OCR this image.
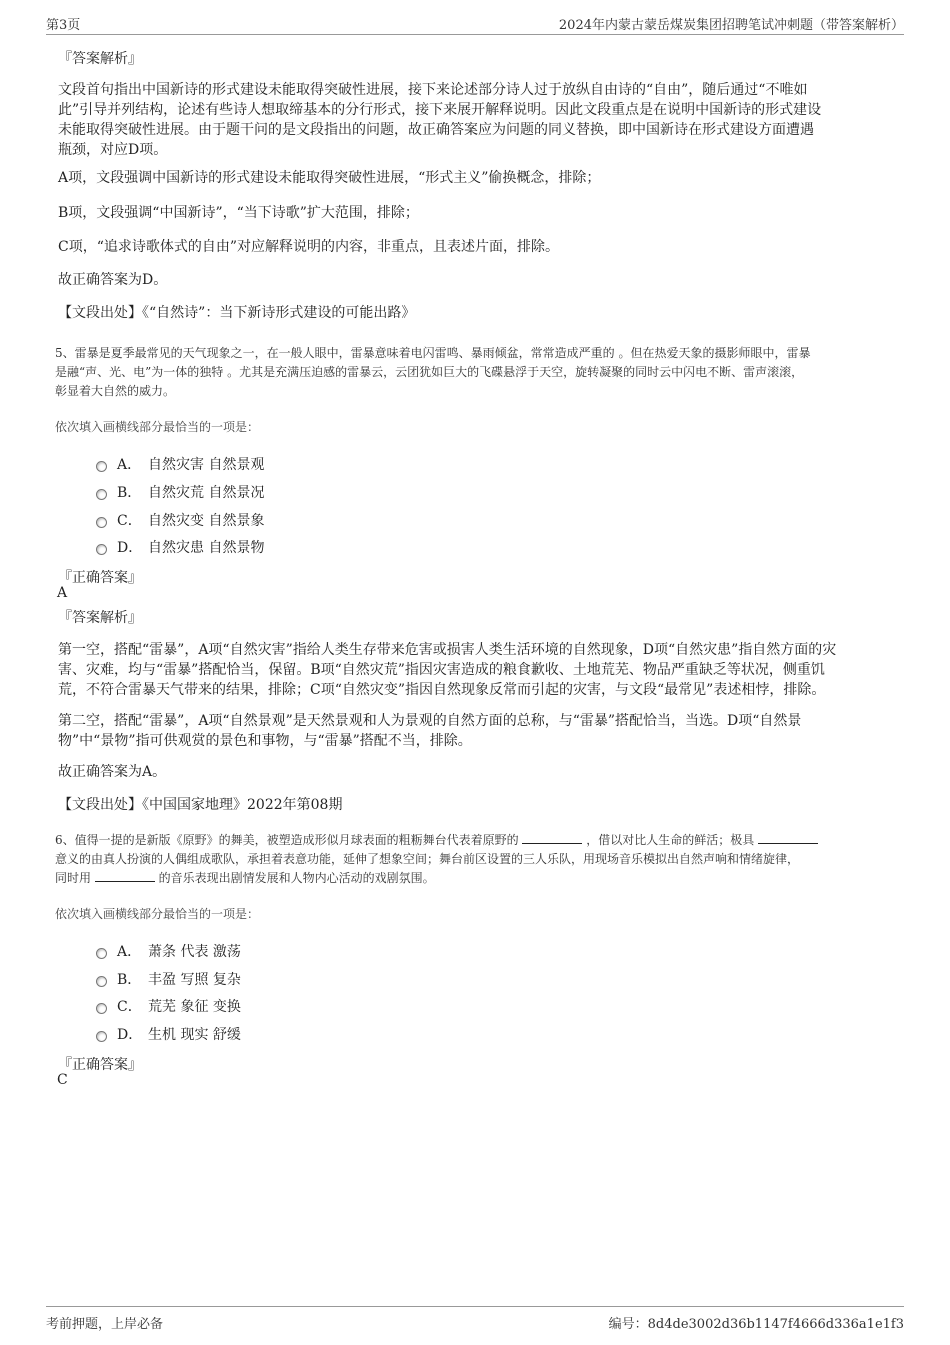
第3页	2024年内蒙古蒙岳煤炭集团招聘笔试冲刺题（带答案解析）
『答案解析』
文段首句指出中国新诗的形式建设未能取得突破性进展，接下来论述部分诗人过于放纵自由诗的“自由”，随后通过“不唯如
此”引导并列结构，论述有些诗人想取缔基本的分行形式，接下来展开解释说明。因此文段重点是在说明中国新诗的形式建设
未能取得突破性进展。由于题干问的是文段指出的问题，故正确答案应为问题的同义替换，即中国新诗在形式建设方面遭遇
瓶颈，对应D项。
A项，文段强调中国新诗的形式建设未能取得突破性进展，“形式主义”偷换概念，排除；
B项，文段强调“中国新诗”，“当下诗歌”扩大范围，排除；
C项，“追求诗歌体式的自由”对应解释说明的内容，非重点，且表述片面，排除。
故正确答案为D。
【文段出处】《“自然诗”：当下新诗形式建设的可能出路》
5、雷暴是夏季最常见的天气现象之一，在一般人眼中，雷暴意味着电闪雷鸣、暴雨倾盆，常常造成严重的 。但在热爱天象的摄影师眼中，雷暴
是融“声、光、电”为一体的独特 。尤其是充满压迫感的雷暴云，云团犹如巨大的飞碟悬浮于天空，旋转凝聚的同时云中闪电不断、雷声滚滚，
彰显着大自然的威力。
依次填入画横线部分最恰当的一项是：
A． 自然灾害 自然景观
B． 自然灾荒 自然景况
C． 自然灾变 自然景象
D． 自然灾患 自然景物
『正确答案』
A
『答案解析』
第一空，搭配“雷暴”，A项“自然灾害”指给人类生存带来危害或损害人类生活环境的自然现象，D项“自然灾患”指自然方面的灾
害、灾难，均与“雷暴”搭配恰当，保留。B项“自然灾荒”指因灾害造成的粮食歉收、土地荒芜、物品严重缺乏等状况，侧重饥
荒，不符合雷暴天气带来的结果，排除；C项“自然灾变”指因自然现象反常而引起的灾害，与文段“最常见”表述相悖，排除。
第二空，搭配“雷暴”，A项“自然景观”是天然景观和人为景观的自然方面的总称，与“雷暴”搭配恰当，当选。D项“自然景
物”中“景物”指可供观赏的景色和事物，与“雷暴”搭配不当，排除。
故正确答案为A。
【文段出处】《中国国家地理》2022年第08期
6、值得一提的是新版《原野》的舞美，被塑造成形似月球表面的粗粝舞台代表着原野的	，借以对比人生命的鲜活；极具
意义的由真人扮演的人偶组成歌队，承担着表意功能，延伸了想象空间；舞台前区设置的三人乐队，用现场音乐模拟出自然声响和情绪旋律，
同时用	的音乐表现出剧情发展和人物内心活动的戏剧氛围。
依次填入画横线部分最恰当的一项是：
A． 萧条 代表 激荡
B． 丰盈 写照 复杂
C． 荒芜 象征 变换
D． 生机 现实 舒缓
『正确答案』
C
考前押题，上岸必备	编号：8d4de3002d36b1147f4666d336a1e1f3
